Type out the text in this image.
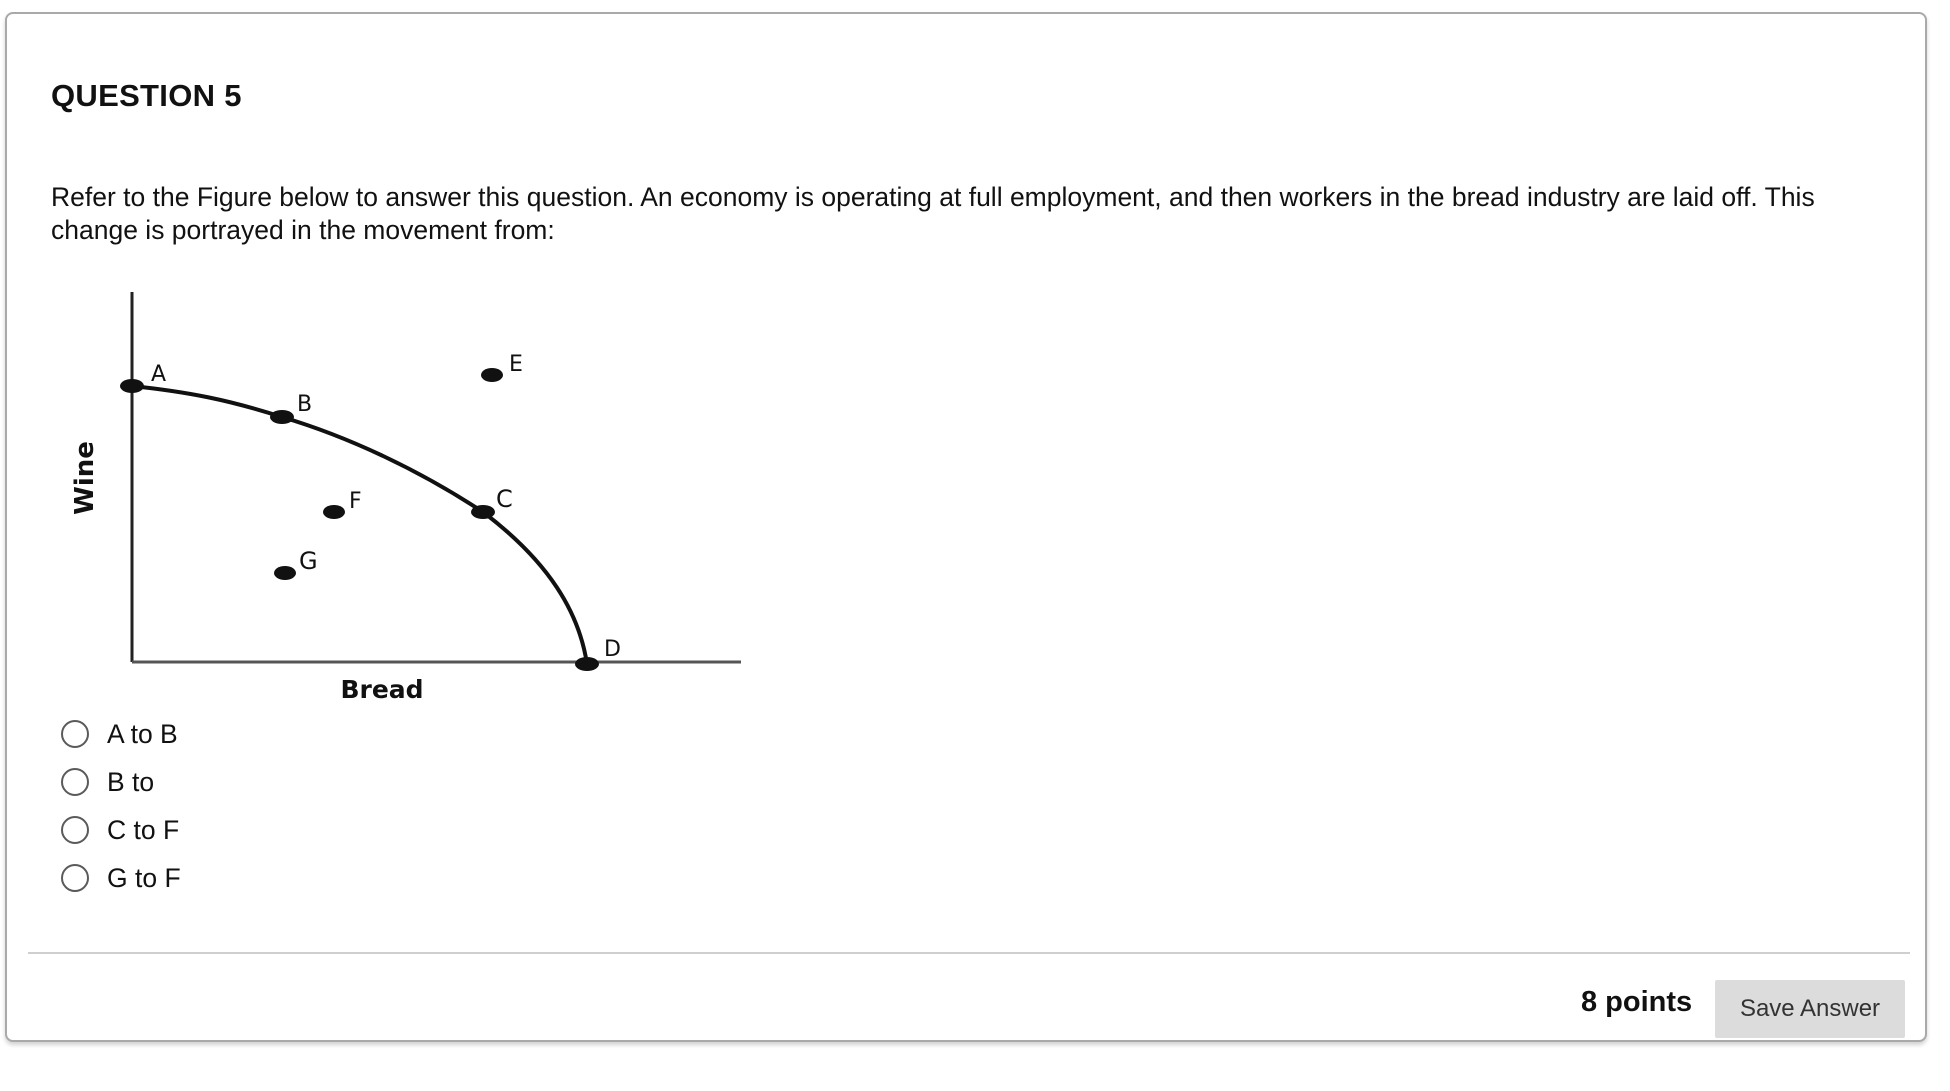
QUESTION 5

Refer to the Figure below to answer this question. An economy is operating at full employment, and then workers in the bread industry are laid off. This change is portrayed in the movement from:

A
B
C
D
E
F
G
Wine
Bread
A to B
B to
C to F
G to F
8 points	Save Answer
